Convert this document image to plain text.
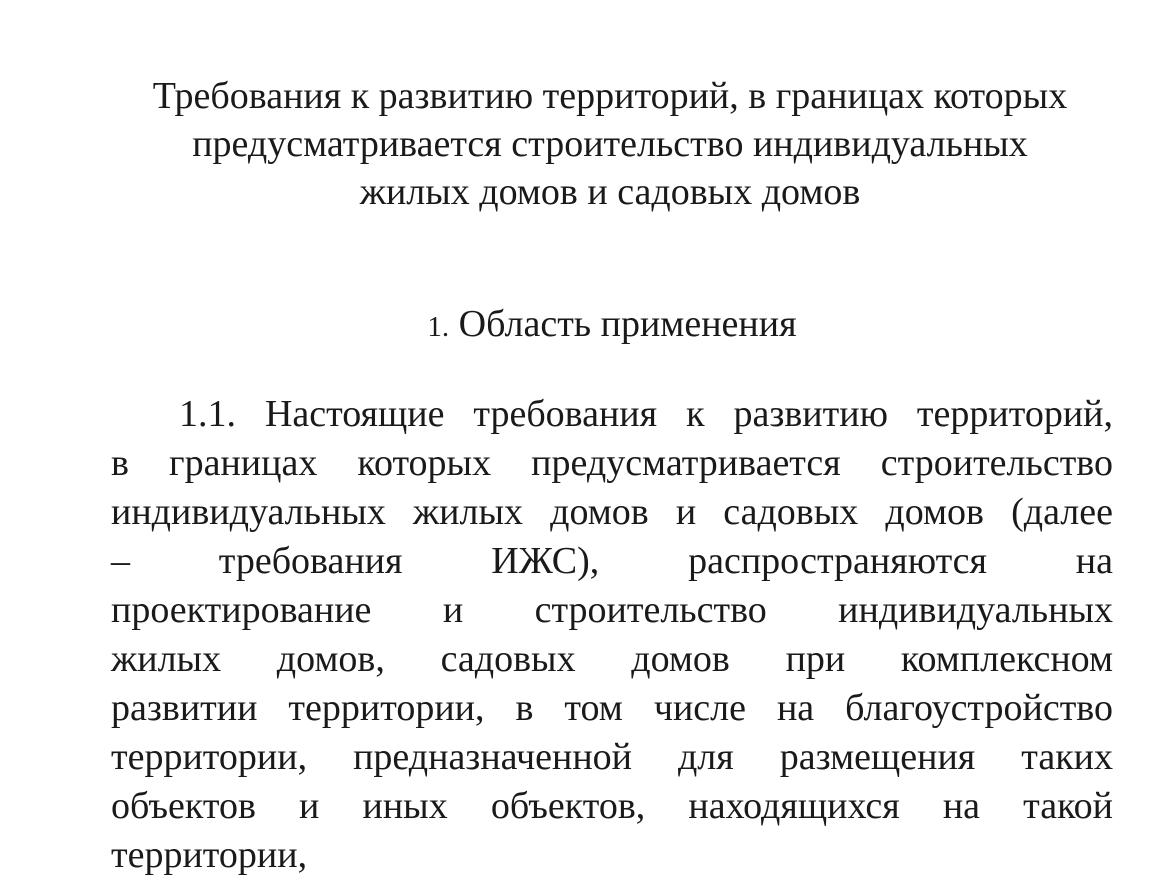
Требования к развитию территорий, в границах которых
предусматривается строительство индивидуальных
жилых домов и садовых домов
1. Область применения
1.1. Настоящие требования к развитию территорий,
в границах которых предусматривается строительство
индивидуальных жилых домов и садовых домов (далее
– требования ИЖС), распространяются на
проектирование и строительство индивидуальных
жилых домов, садовых домов при комплексном
развитии территории, в том числе на благоустройство
территории, предназначенной для размещения таких
объектов и иных объектов, находящихся на такой
территории,
